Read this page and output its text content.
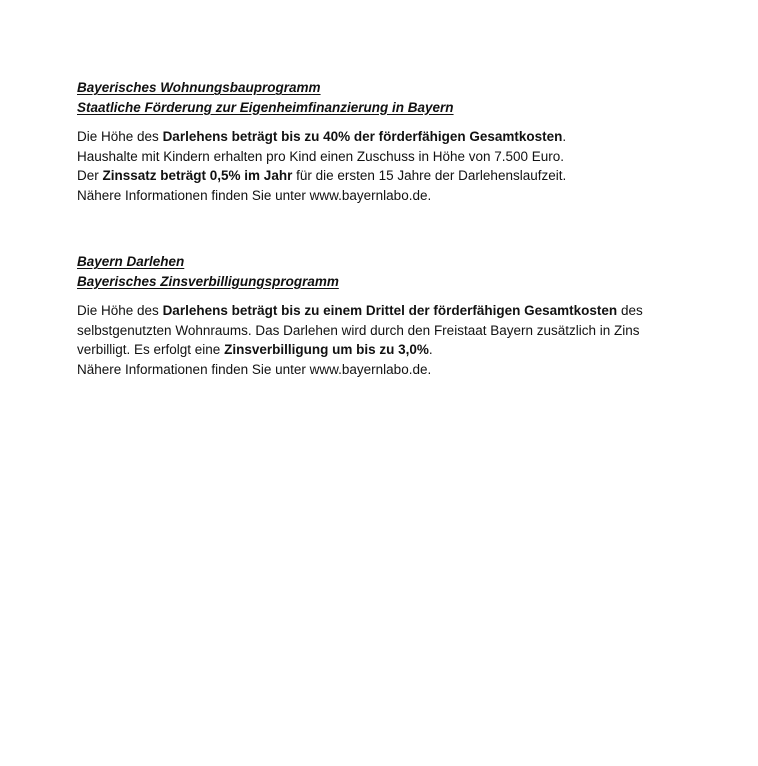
Bayerisches Wohnungsbauprogramm
Staatliche Förderung zur Eigenheimfinanzierung in Bayern
Die Höhe des Darlehens beträgt bis zu 40% der förderfähigen Gesamtkosten.
Haushalte mit Kindern erhalten pro Kind einen Zuschuss in Höhe von 7.500 Euro.
Der Zinssatz beträgt 0,5% im Jahr für die ersten 15 Jahre der Darlehenslaufzeit.
Nähere Informationen finden Sie unter www.bayernlabo.de.
Bayern Darlehen
Bayerisches Zinsverbilligungsprogramm
Die Höhe des Darlehens beträgt bis zu einem Drittel der förderfähigen Gesamtkosten des
selbstgenutzten Wohnraums. Das Darlehen wird durch den Freistaat Bayern zusätzlich in Zins
verbilligt. Es erfolgt eine Zinsverbilligung um bis zu 3,0%.
Nähere Informationen finden Sie unter www.bayernlabo.de.
